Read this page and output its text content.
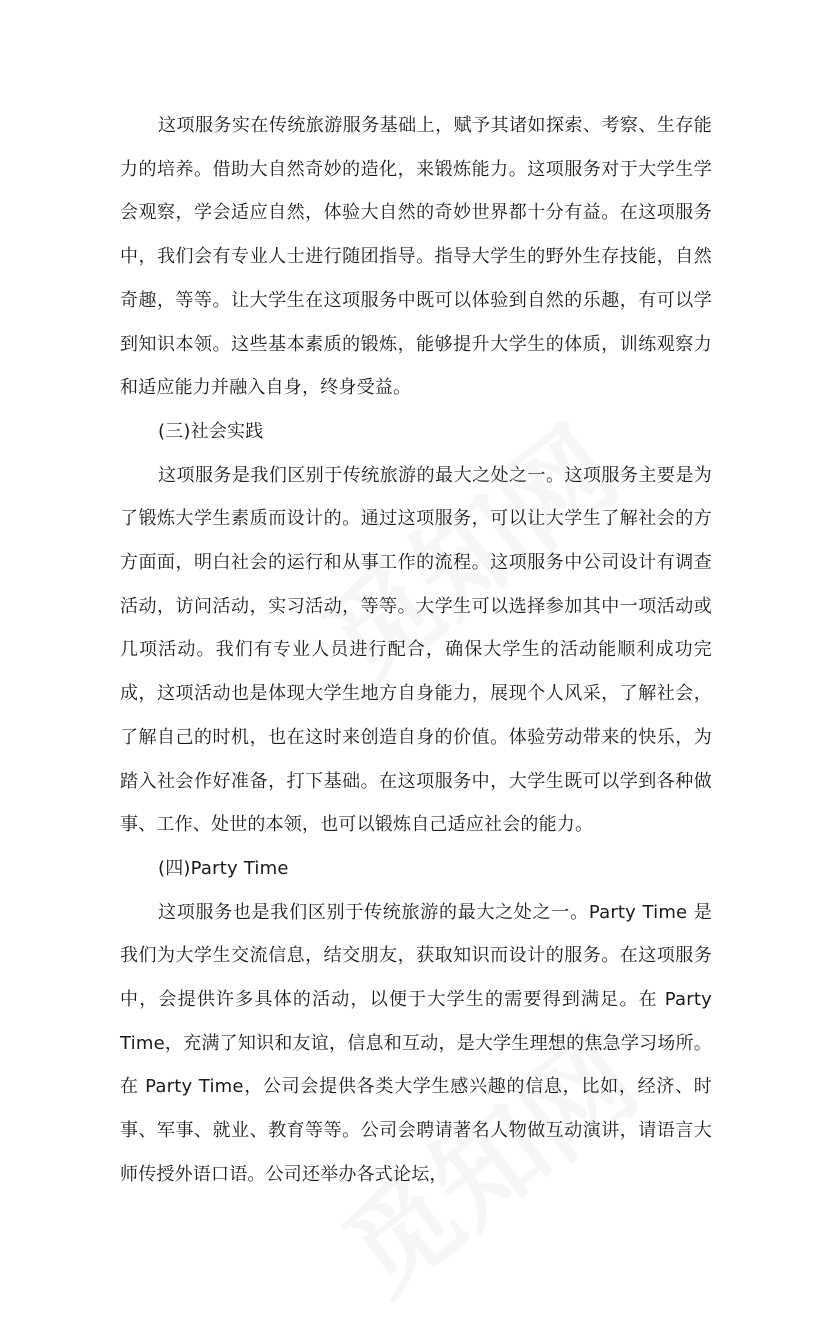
这项服务实在传统旅游服务基础上，赋予其诸如探索、考察、生存能力的培养。借助大自然奇妙的造化，来锻炼能力。这项服务对于大学生学会观察，学会适应自然，体验大自然的奇妙世界都十分有益。在这项服务中，我们会有专业人士进行随团指导。指导大学生的野外生存技能，自然奇趣，等等。让大学生在这项服务中既可以体验到自然的乐趣，有可以学到知识本领。这些基本素质的锻炼，能够提升大学生的体质，训练观察力和适应能力并融入自身，终身受益。

(三)社会实践

这项服务是我们区别于传统旅游的最大之处之一。这项服务主要是为了锻炼大学生素质而设计的。通过这项服务，可以让大学生了解社会的方方面面，明白社会的运行和从事工作的流程。这项服务中公司设计有调查活动，访问活动，实习活动，等等。大学生可以选择参加其中一项活动或几项活动。我们有专业人员进行配合，确保大学生的活动能顺利成功完成，这项活动也是体现大学生地方自身能力，展现个人风采，了解社会，了解自己的时机，也在这时来创造自身的价值。体验劳动带来的快乐，为踏入社会作好准备，打下基础。在这项服务中，大学生既可以学到各种做事、工作、处世的本领，也可以锻炼自己适应社会的能力。

(四)Party Time

这项服务也是我们区别于传统旅游的最大之处之一。Party Time 是我们为大学生交流信息，结交朋友，获取知识而设计的服务。在这项服务中，会提供许多具体的活动，以便于大学生的需要得到满足。在 Party Time，充满了知识和友谊，信息和互动，是大学生理想的焦急学习场所。在 Party Time，公司会提供各类大学生感兴趣的信息，比如，经济、时事、军事、就业、教育等等。公司会聘请著名人物做互动演讲，请语言大师传授外语口语。公司还举办各式论坛，
